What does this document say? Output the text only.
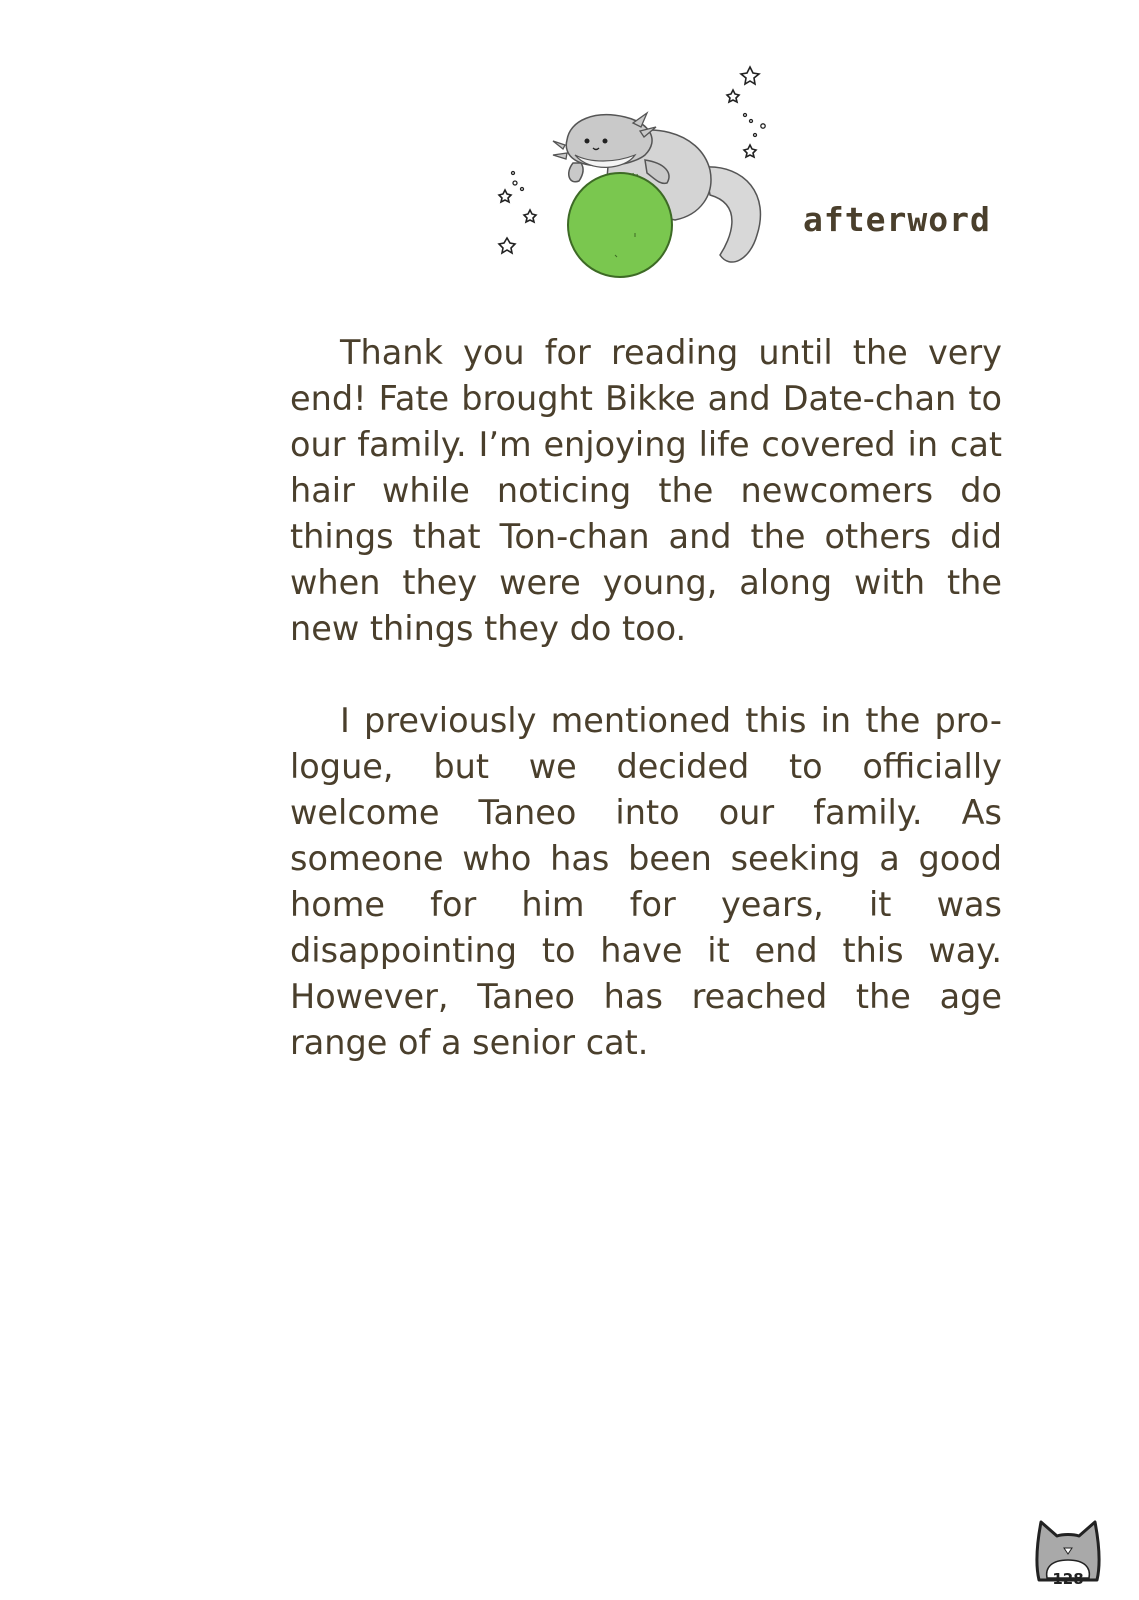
afterword

Thank you for reading until the very end! Fate brought Bikke and Date-chan to our family. I’m enjoying life covered in cat hair while noticing the newcomers do things that Ton-chan and the others did when they were young, along with the new things they do too.

I previously mentioned this in the pro-logue, but we decided to officially welcome Taneo into our family. As someone who has been seeking a good home for him for years, it was disappointing to have it end this way. However, Taneo has reached the age range of a senior cat.

128
